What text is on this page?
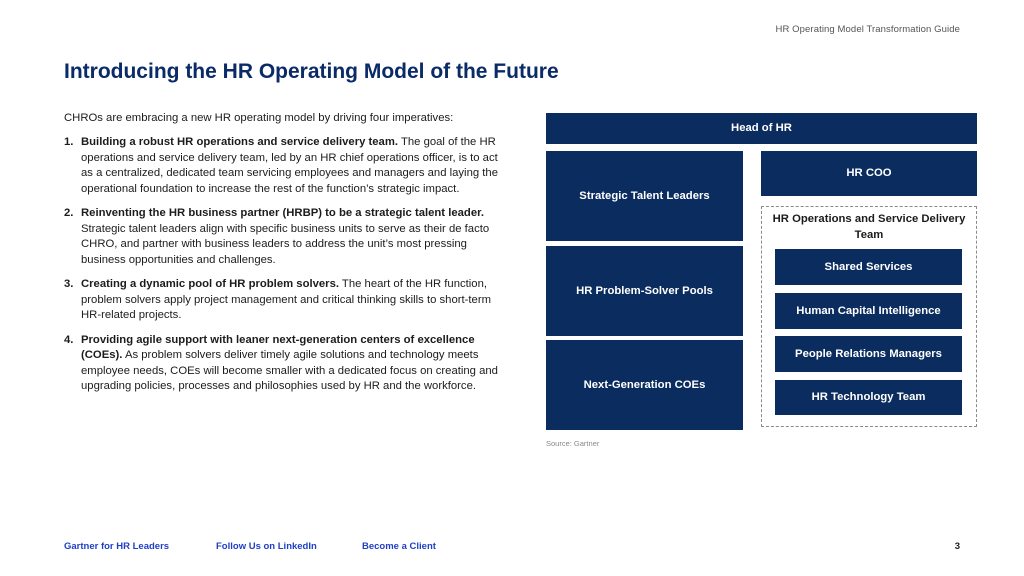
HR Operating Model Transformation Guide
Introducing the HR Operating Model of the Future

CHROs are embracing a new HR operating model by driving four imperatives:

1. Building a robust HR operations and service delivery team. The goal of the HR operations and service delivery team, led by an HR chief operations officer, is to act as a centralized, dedicated team servicing employees and managers and laying the operational foundation to increase the rest of the function’s strategic impact.
2. Reinventing the HR business partner (HRBP) to be a strategic talent leader. Strategic talent leaders align with specific business units to serve as their de facto CHRO, and partner with business leaders to address the unit’s most pressing business opportunities and challenges.
3. Creating a dynamic pool of HR problem solvers. The heart of the HR function, problem solvers apply project management and critical thinking skills to short-term HR-related projects.
4. Providing agile support with leaner next-generation centers of excellence (COEs). As problem solvers deliver timely agile solutions and technology meets employee needs, COEs will become smaller with a dedicated focus on creating and upgrading policies, processes and philosophies used by HR and the workforce.
Head of HR
Strategic Talent Leaders
HR Problem-Solver Pools
Next-Generation COEs
HR COO
HR Operations and Service Delivery Team
Shared Services
Human Capital Intelligence
People Relations Managers
HR Technology Team
Source: Gartner
Gartner for HR Leaders	Follow Us on LinkedIn	Become a Client	3
